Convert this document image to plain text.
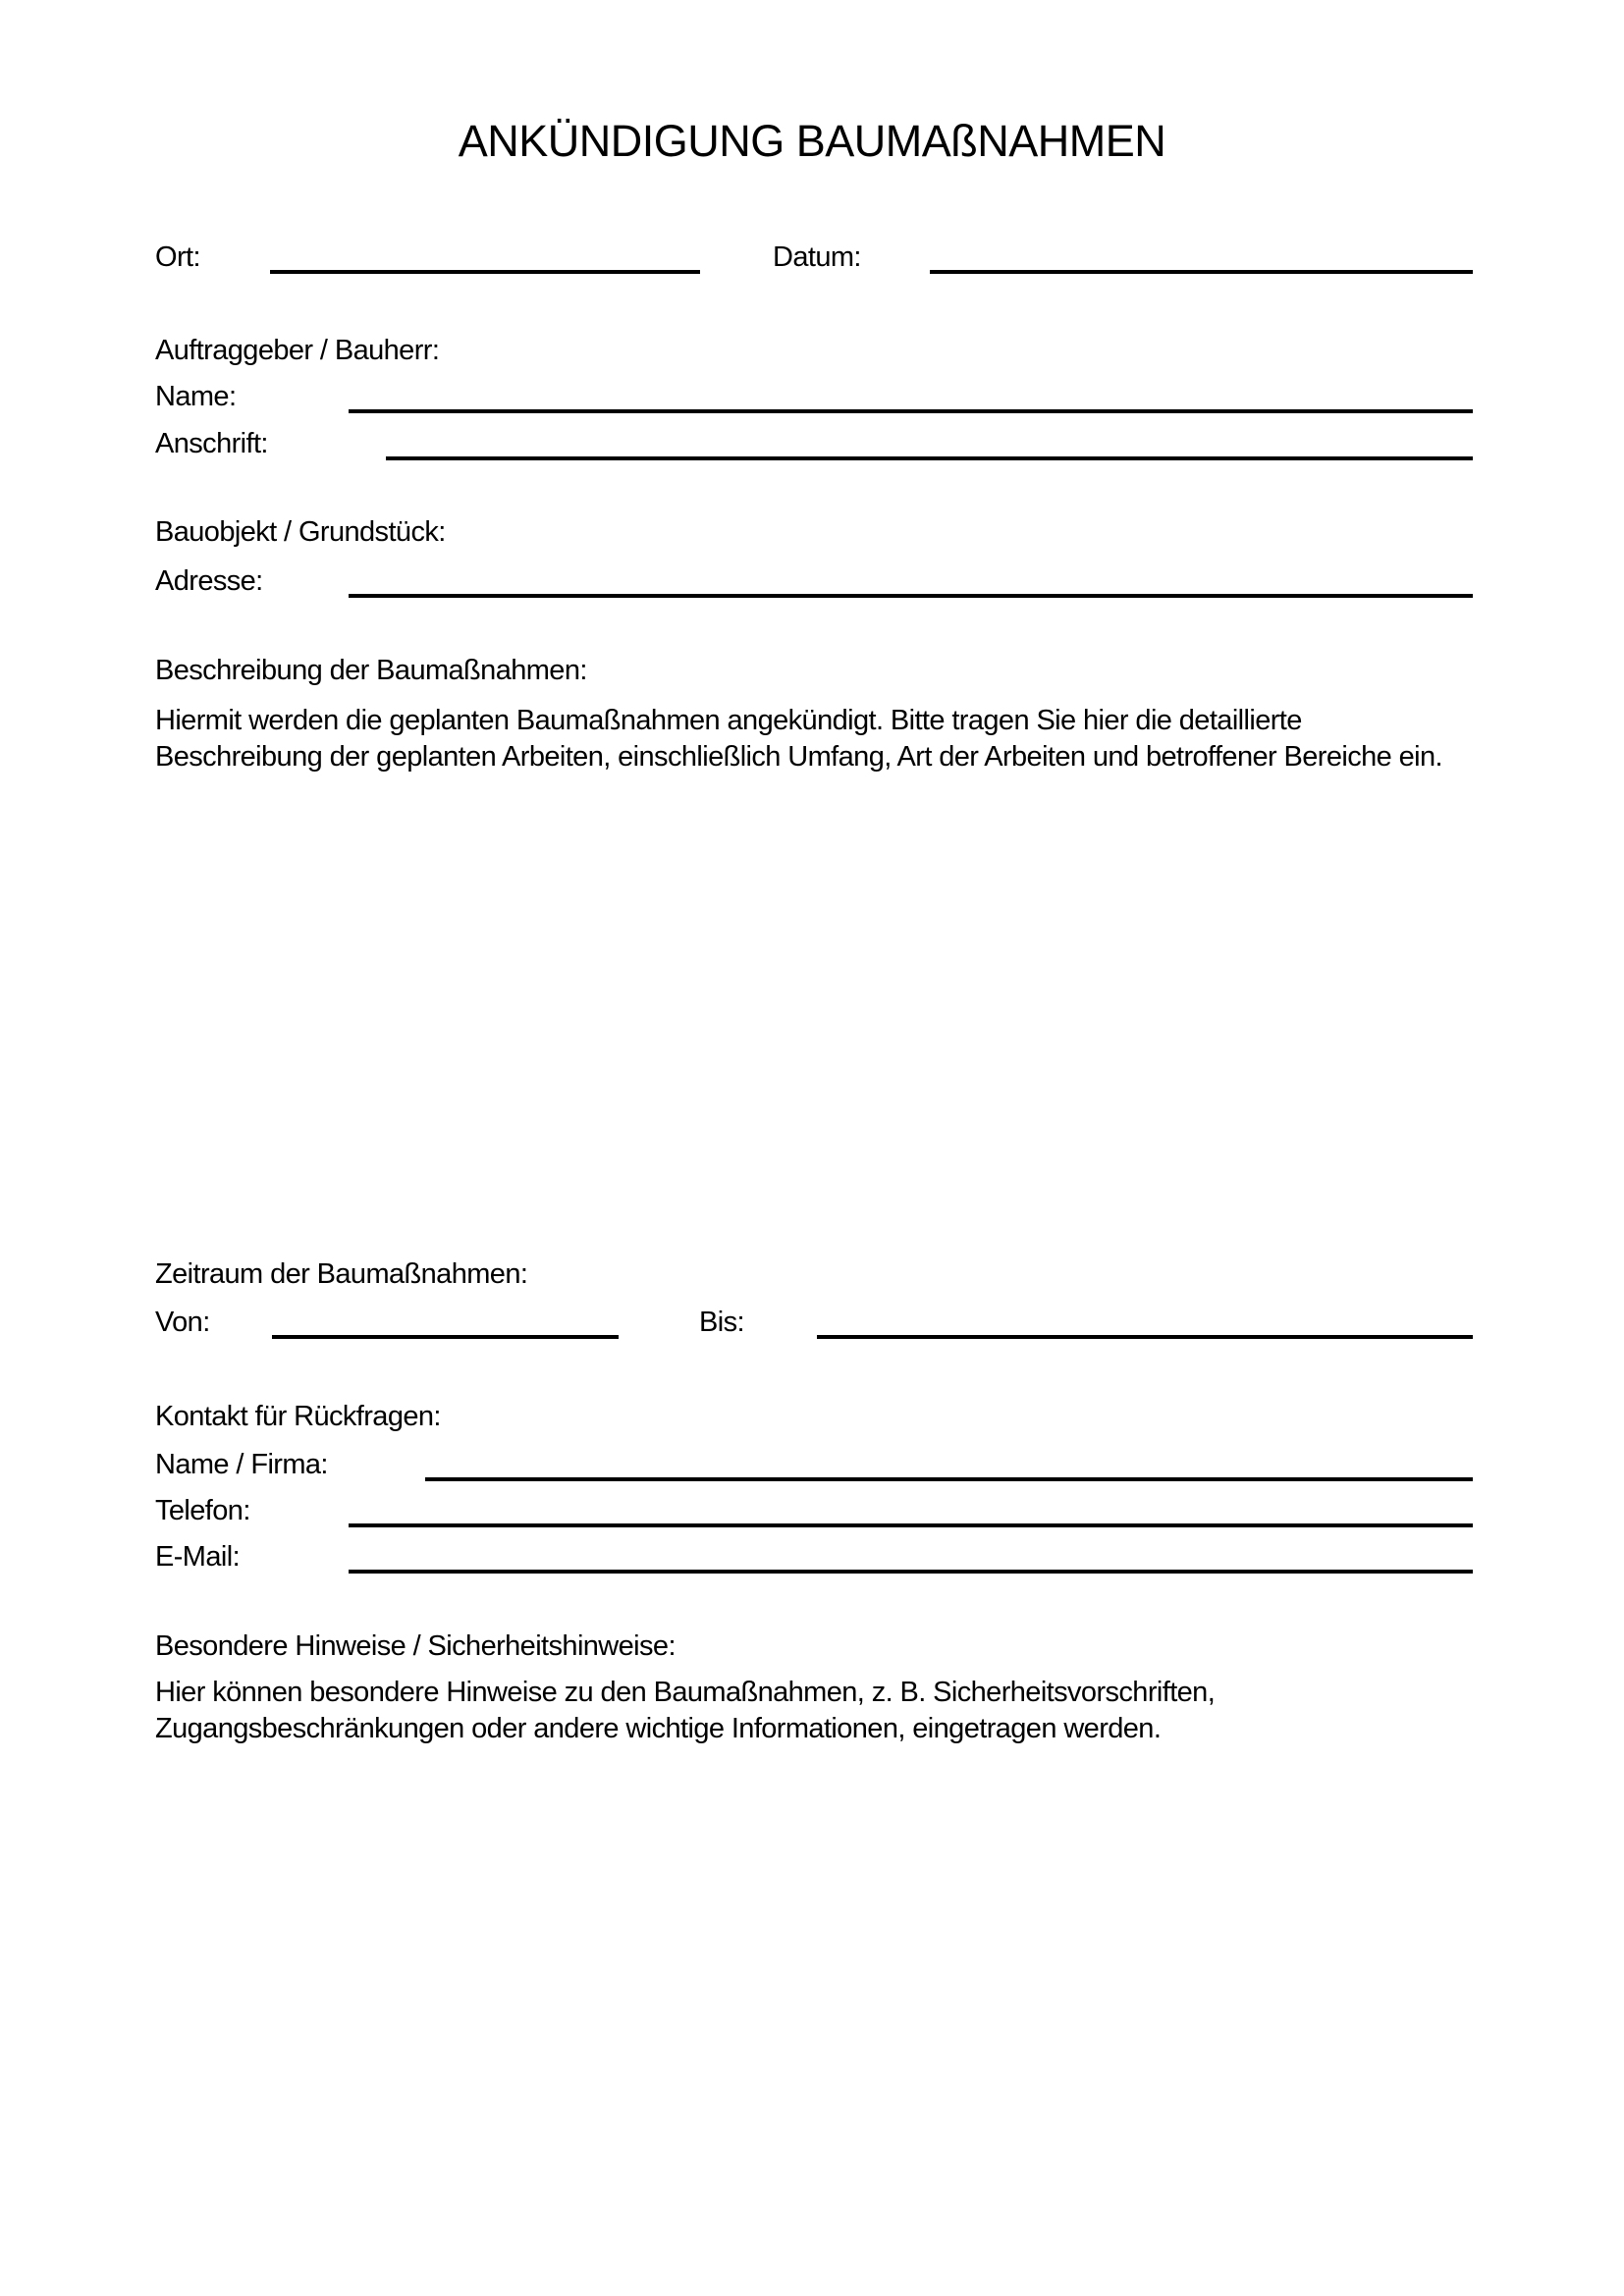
ANKÜNDIGUNG BAUMAßNAHMEN
Ort:	Datum:
Auftraggeber / Bauherr:
Name:
Anschrift:
Bauobjekt / Grundstück:
Adresse:
Beschreibung der Baumaßnahmen:
Hiermit werden die geplanten Baumaßnahmen angekündigt. Bitte tragen Sie hier die detaillierte
Beschreibung der geplanten Arbeiten, einschließlich Umfang, Art der Arbeiten und betroffener Bereiche ein.
Zeitraum der Baumaßnahmen:
Von:	Bis:
Kontakt für Rückfragen:
Name / Firma:
Telefon:
E-Mail:
Besondere Hinweise / Sicherheitshinweise:
Hier können besondere Hinweise zu den Baumaßnahmen, z. B. Sicherheitsvorschriften,
Zugangsbeschränkungen oder andere wichtige Informationen, eingetragen werden.
